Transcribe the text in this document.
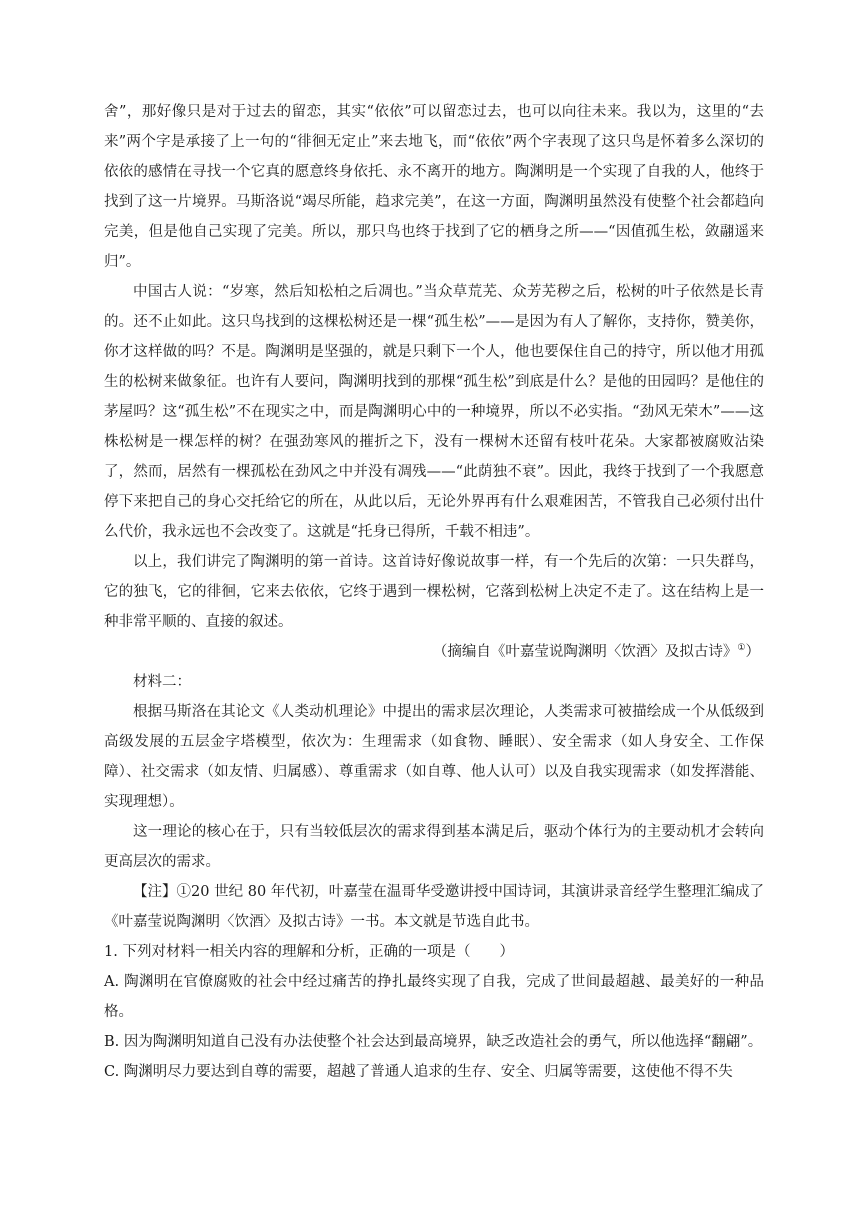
舍”，那好像只是对于过去的留恋，其实“依依”可以留恋过去，也可以向往未来。我以为，这里的“去来”两个字是承接了上一句的“徘徊无定止”来去地飞，而“依依”两个字表现了这只鸟是怀着多么深切的依依的感情在寻找一个它真的愿意终身依托、永不离开的地方。陶渊明是一个实现了自我的人，他终于找到了这一片境界。马斯洛说“竭尽所能，趋求完美”，在这一方面，陶渊明虽然没有使整个社会都趋向完美，但是他自己实现了完美。所以，那只鸟也终于找到了它的栖身之所——“因值孤生松，敛翮遥来归”。

中国古人说：“岁寒，然后知松柏之后凋也。”当众草荒芜、众芳芜秽之后，松树的叶子依然是长青的。还不止如此。这只鸟找到的这棵松树还是一棵“孤生松”——是因为有人了解你，支持你，赞美你，你才这样做的吗？不是。陶渊明是坚强的，就是只剩下一个人，他也要保住自己的持守，所以他才用孤生的松树来做象征。也许有人要问，陶渊明找到的那棵“孤生松”到底是什么？是他的田园吗？是他住的茅屋吗？这“孤生松”不在现实之中，而是陶渊明心中的一种境界，所以不必实指。“劲风无荣木”——这株松树是一棵怎样的树？在强劲寒风的摧折之下，没有一棵树木还留有枝叶花朵。大家都被腐败沾染了，然而，居然有一棵孤松在劲风之中并没有凋残——“此荫独不衰”。因此，我终于找到了一个我愿意停下来把自己的身心交托给它的所在，从此以后，无论外界再有什么艰难困苦，不管我自己必须付出什么代价，我永远也不会改变了。这就是“托身已得所，千载不相违”。

以上，我们讲完了陶渊明的第一首诗。这首诗好像说故事一样，有一个先后的次第：一只失群鸟，它的独飞，它的徘徊，它来去依依，它终于遇到一棵松树，它落到松树上决定不走了。这在结构上是一种非常平顺的、直接的叙述。

（摘编自《叶嘉莹说陶渊明〈饮酒〉及拟古诗》①）

材料二：

根据马斯洛在其论文《人类动机理论》中提出的需求层次理论，人类需求可被描绘成一个从低级到高级发展的五层金字塔模型，依次为：生理需求（如食物、睡眠）、安全需求（如人身安全、工作保障）、社交需求（如友情、归属感）、尊重需求（如自尊、他人认可）以及自我实现需求（如发挥潜能、实现理想）。

这一理论的核心在于，只有当较低层次的需求得到基本满足后，驱动个体行为的主要动机才会转向更高层次的需求。

【注】①20 世纪 80 年代初，叶嘉莹在温哥华受邀讲授中国诗词，其演讲录音经学生整理汇编成了《叶嘉莹说陶渊明〈饮酒〉及拟古诗》一书。本文就是节选自此书。

1. 下列对材料一相关内容的理解和分析，正确的一项是（　　）

A. 陶渊明在官僚腐败的社会中经过痛苦的挣扎最终实现了自我，完成了世间最超越、最美好的一种品格。

B. 因为陶渊明知道自己没有办法使整个社会达到最高境界，缺乏改造社会的勇气，所以他选择“翻翩”。

C. 陶渊明尽力要达到自尊的需要，超越了普通人追求的生存、安全、归属等需要，这使他不得不失
